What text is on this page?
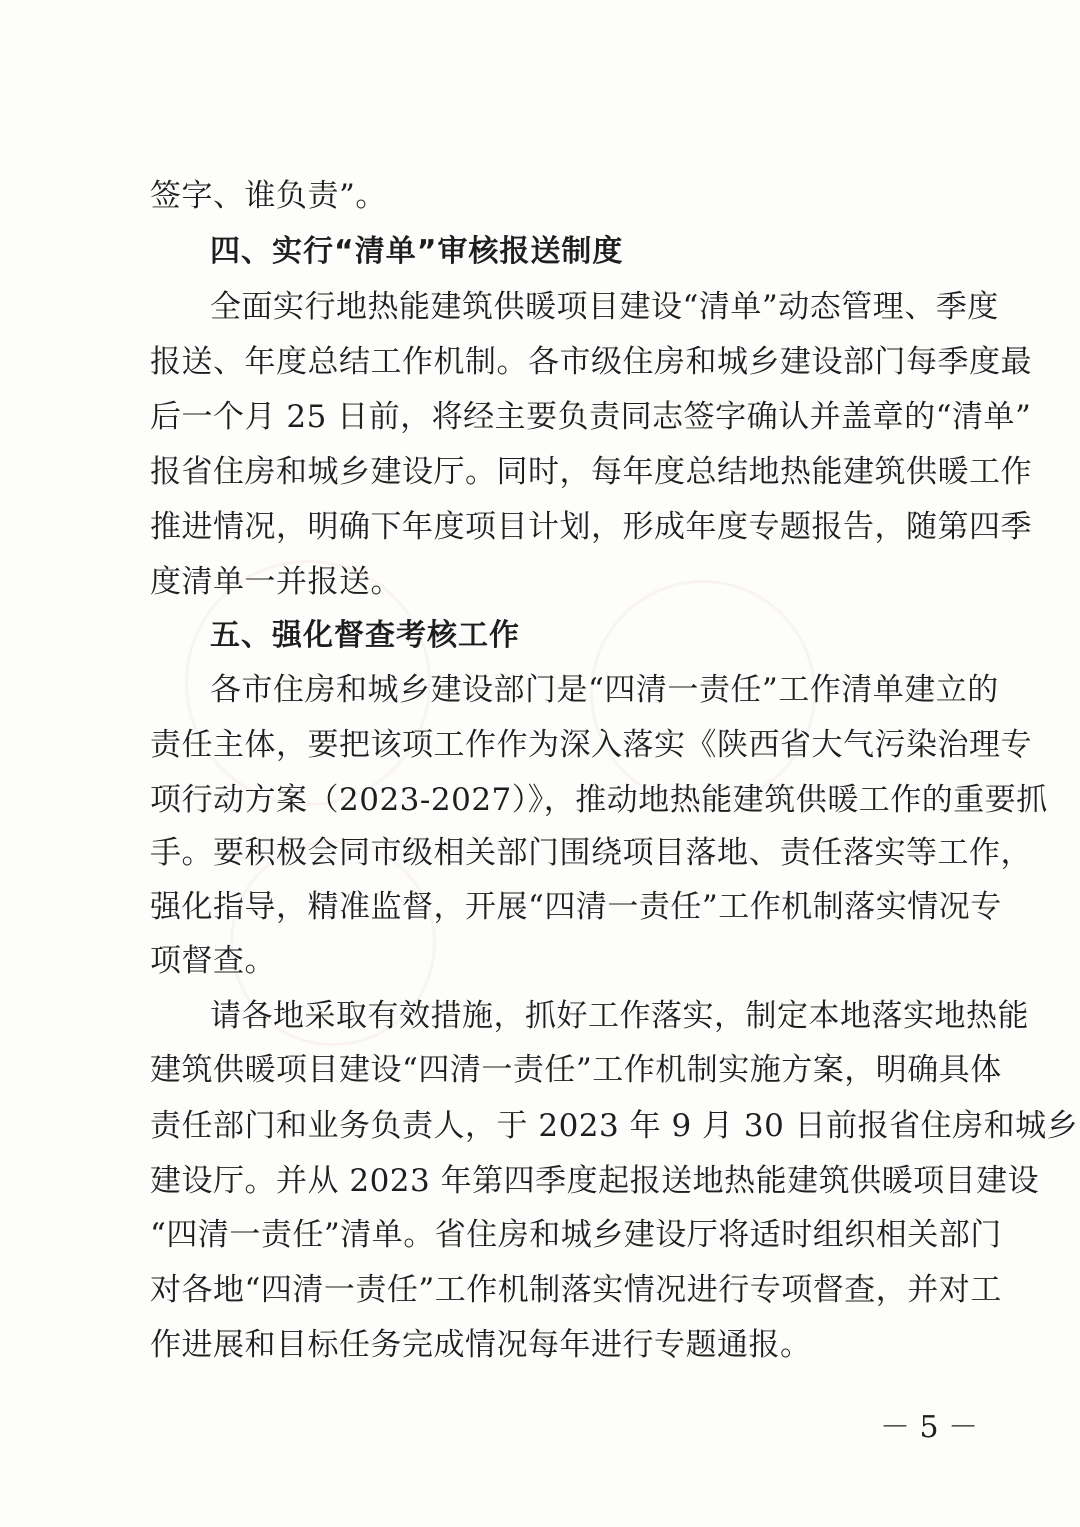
签字、谁负责”。
四、实行“清单”审核报送制度
全面实行地热能建筑供暖项目建设“清单”动态管理、季度
报送、年度总结工作机制。各市级住房和城乡建设部门每季度最
后一个月 25 日前，将经主要负责同志签字确认并盖章的“清单”
报省住房和城乡建设厅。同时，每年度总结地热能建筑供暖工作
推进情况，明确下年度项目计划，形成年度专题报告，随第四季
度清单一并报送。
五、强化督查考核工作
各市住房和城乡建设部门是“四清一责任”工作清单建立的
责任主体，要把该项工作作为深入落实《陕西省大气污染治理专
项行动方案（2023-2027）》，推动地热能建筑供暖工作的重要抓
手。要积极会同市级相关部门围绕项目落地、责任落实等工作，
强化指导，精准监督，开展“四清一责任”工作机制落实情况专
项督查。
请各地采取有效措施，抓好工作落实，制定本地落实地热能
建筑供暖项目建设“四清一责任”工作机制实施方案，明确具体
责任部门和业务负责人，于 2023 年 9 月 30 日前报省住房和城乡
建设厅。并从 2023 年第四季度起报送地热能建筑供暖项目建设
“四清一责任”清单。省住房和城乡建设厅将适时组织相关部门
对各地“四清一责任”工作机制落实情况进行专项督查，并对工
作进展和目标任务完成情况每年进行专题通报。
－ 5 －
